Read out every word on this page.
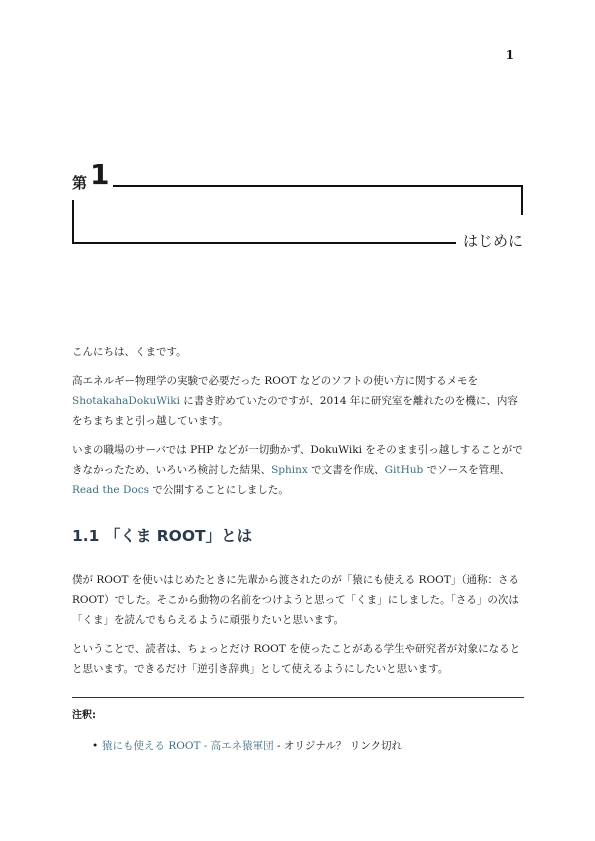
1
第 1
はじめに

こんにちは、くまです。

高エネルギー物理学の実験で必要だった ROOT などのソフトの使い方に関するメモをShotakahaDokuWiki に書き貯めていたのですが、2014 年に研究室を離れたのを機に、内容をちまちまと引っ越しています。

いまの職場のサーバでは PHP などが一切動かず、DokuWiki をそのまま引っ越しすることができなかったため、いろいろ検討した結果、Sphinx で文書を作成、GitHub でソースを管理、Read the Docs で公開することにしました。

1.1 「くま ROOT」とは

僕が ROOT を使いはじめたときに先輩から渡されたのが「猿にも使える ROOT」（通称：さる ROOT）でした。そこから動物の名前をつけようと思って「くま」にしました。「さる」の次は「くま」を読んでもらえるように頑張りたいと思います。

ということで、読者は、ちょっとだけ ROOT を使ったことがある学生や研究者が対象になるとと思います。できるだけ「逆引き辞典」として使えるようにしたいと思います。

注釈:
• 猿にも使える ROOT - 高エネ猿軍団 - オリジナル？ リンク切れ
